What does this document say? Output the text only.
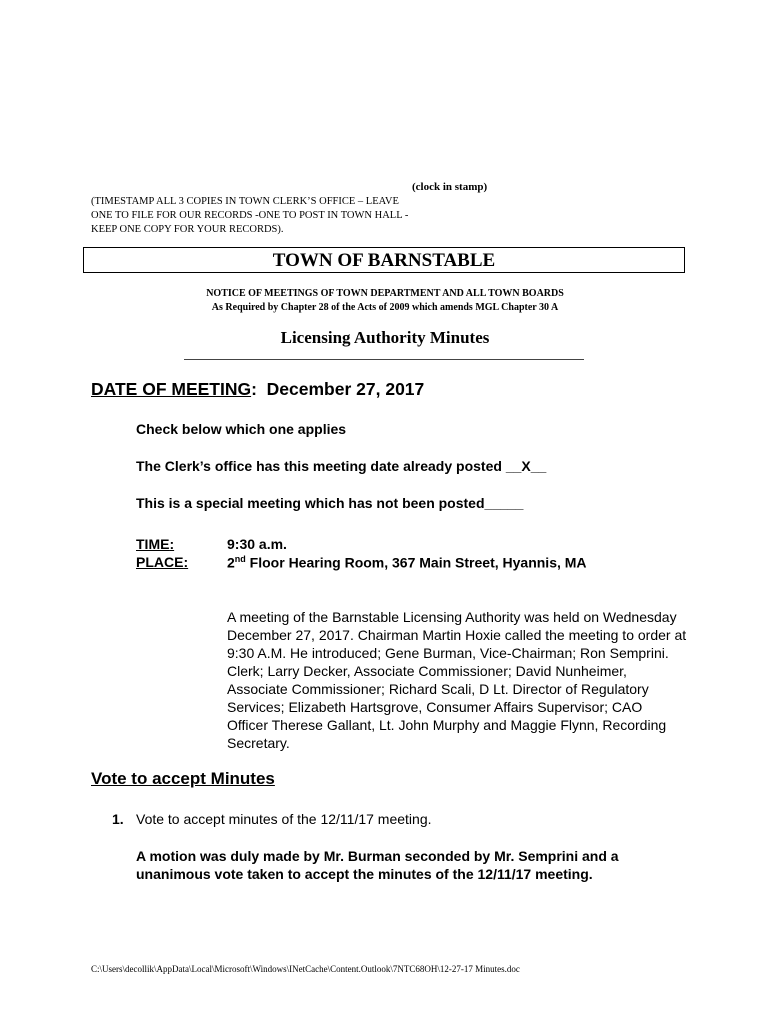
(clock in stamp)
(TIMESTAMP ALL 3 COPIES IN TOWN CLERK’S OFFICE – LEAVE ONE TO FILE FOR OUR RECORDS -ONE TO POST IN TOWN HALL - KEEP ONE COPY FOR YOUR RECORDS).
TOWN OF BARNSTABLE
NOTICE OF MEETINGS OF TOWN DEPARTMENT AND ALL TOWN BOARDS
As Required by Chapter 28 of the Acts of 2009 which amends MGL Chapter 30 A
Licensing Authority Minutes
DATE OF MEETING: December 27, 2017
Check below which one applies
The Clerk’s office has this meeting date already posted __X__
This is a special meeting which has not been posted_____
TIME:
PLACE:
9:30 a.m.
2nd Floor Hearing Room, 367 Main Street, Hyannis, MA
A meeting of the Barnstable Licensing Authority was held on Wednesday December 27, 2017. Chairman Martin Hoxie called the meeting to order at 9:30 A.M. He introduced; Gene Burman, Vice-Chairman; Ron Semprini. Clerk; Larry Decker, Associate Commissioner; David Nunheimer, Associate Commissioner; Richard Scali, D Lt. Director of Regulatory Services; Elizabeth Hartsgrove, Consumer Affairs Supervisor; CAO Officer Therese Gallant, Lt. John Murphy and Maggie Flynn, Recording Secretary.
Vote to accept Minutes
1. Vote to accept minutes of the 12/11/17 meeting.
A motion was duly made by Mr. Burman seconded by Mr. Semprini and a unanimous vote taken to accept the minutes of the 12/11/17 meeting.
C:\Users\decollik\AppData\Local\Microsoft\Windows\INetCache\Content.Outlook\7NTC68OH\12-27-17 Minutes.doc
